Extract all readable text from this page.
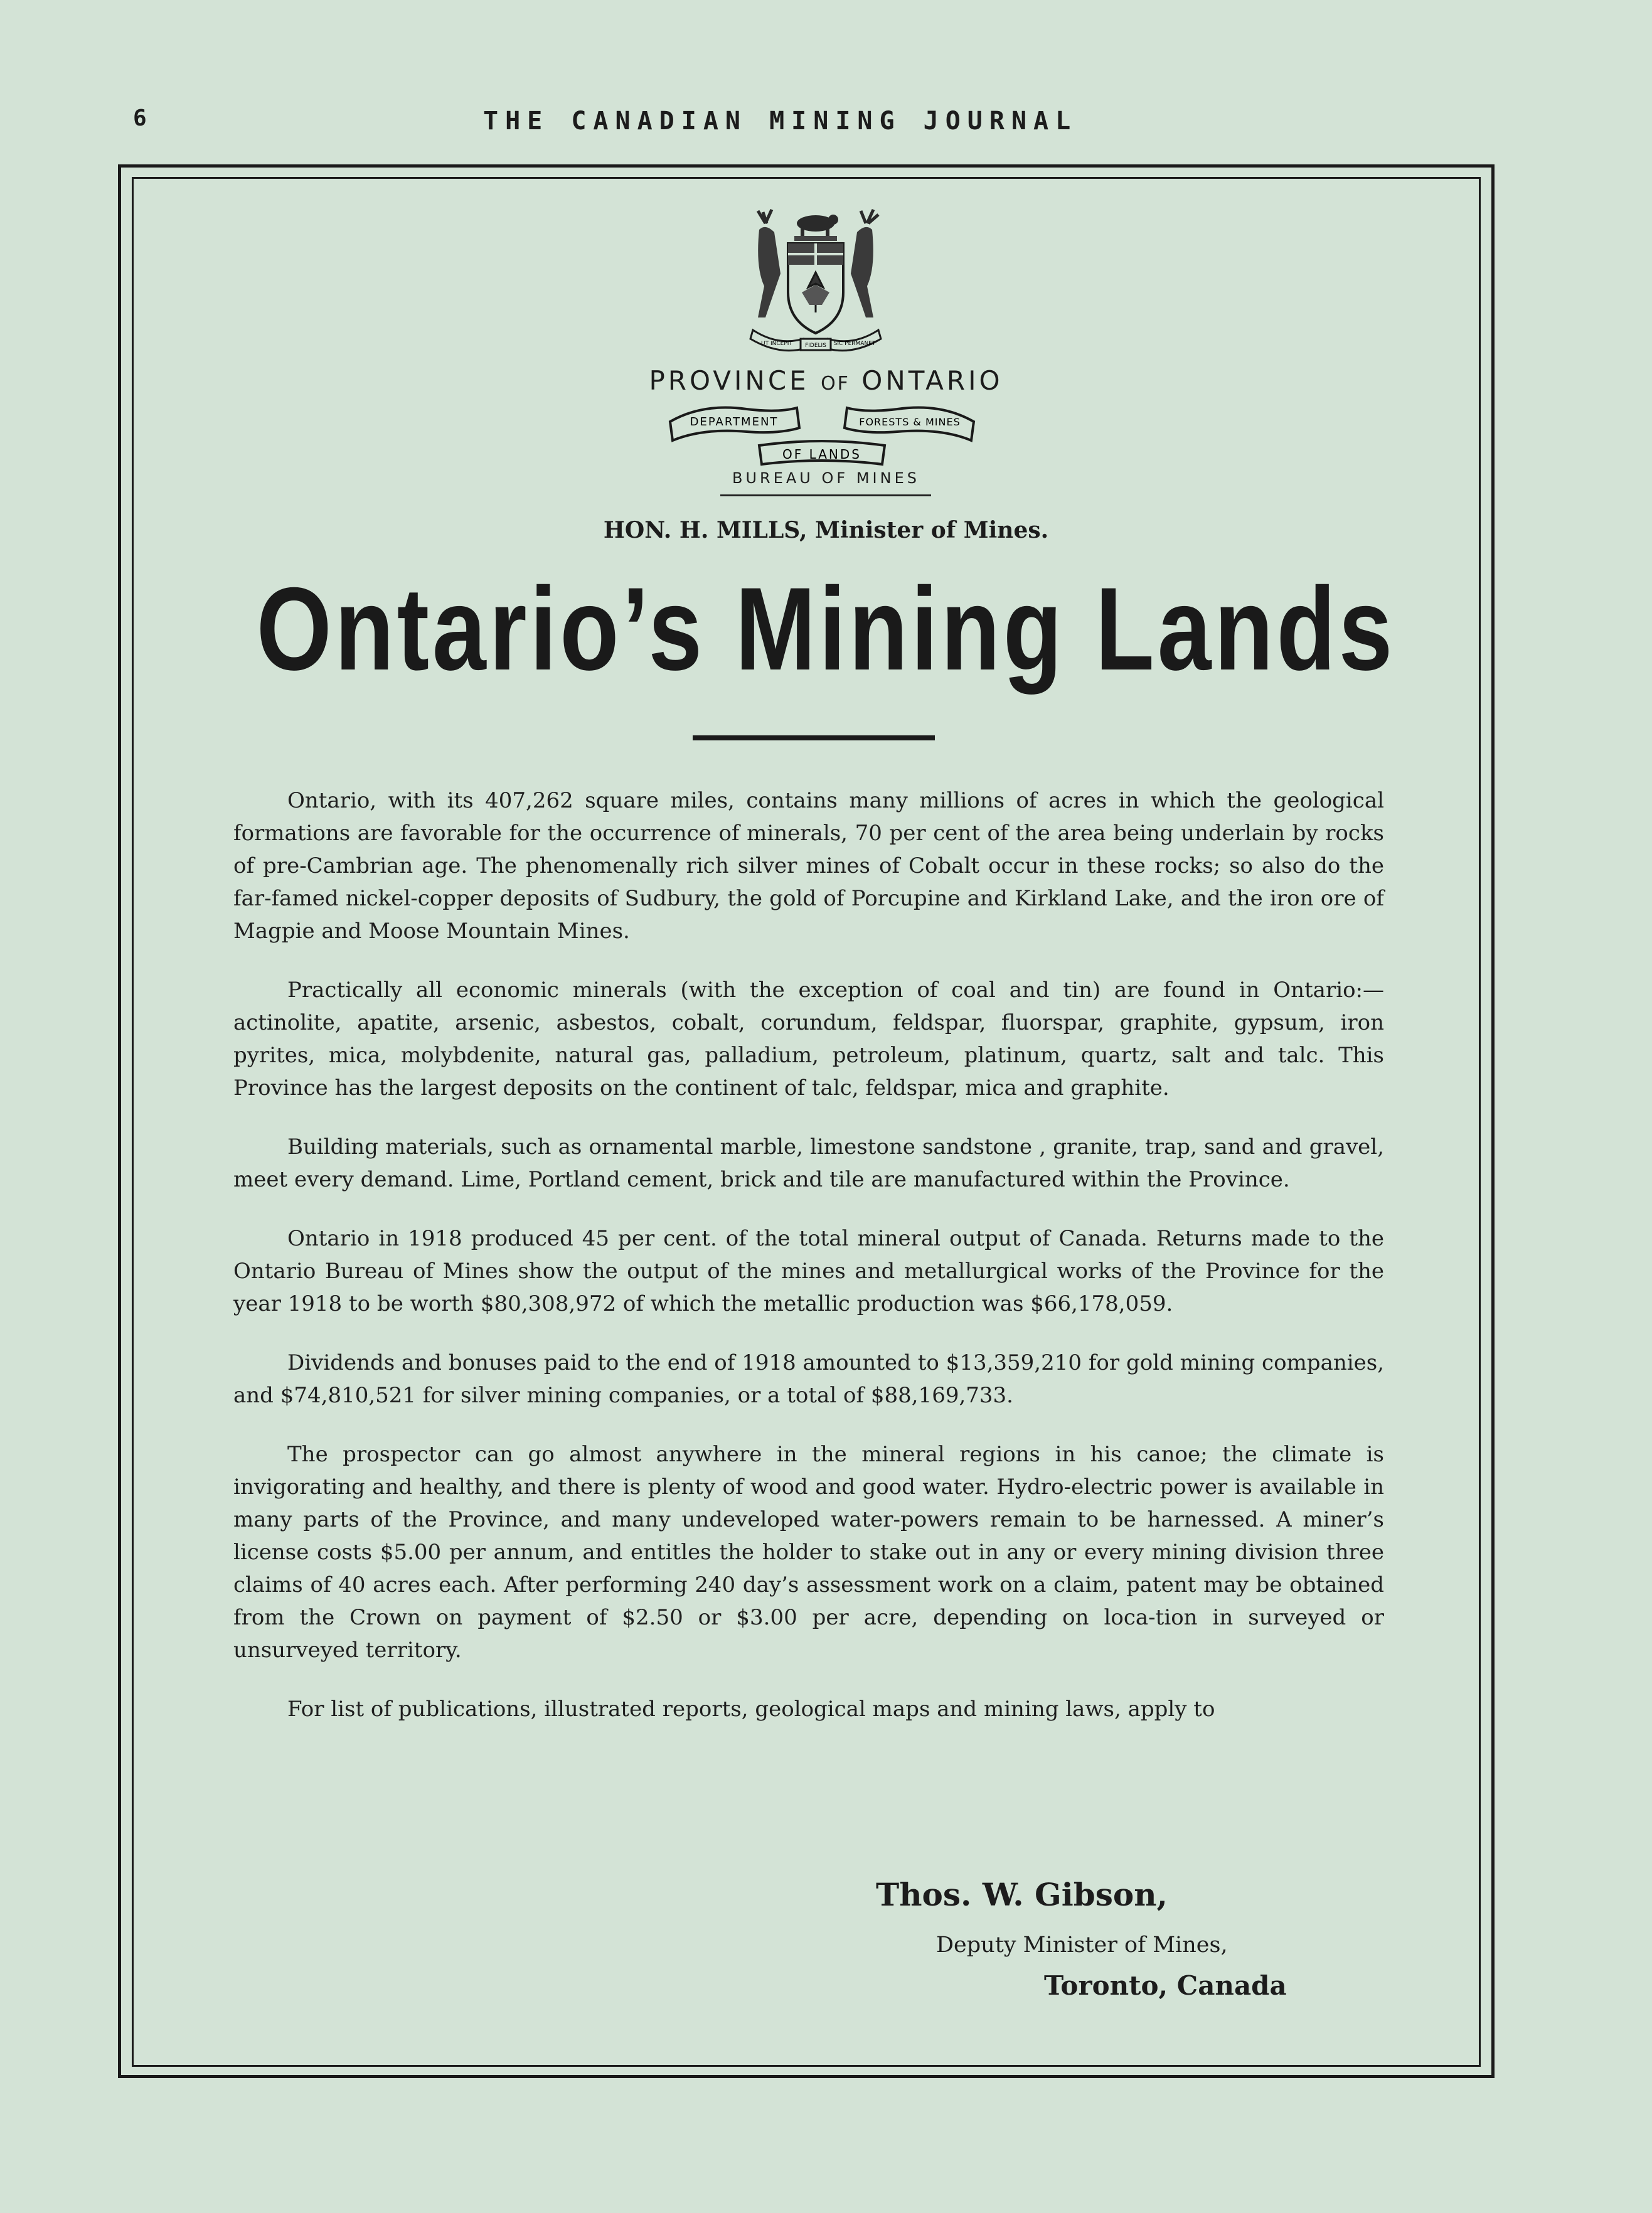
6	THE CANADIAN MINING JOURNAL
UT INCEPIT FIDELIS SIC PERMANET
PROVINCE OF ONTARIO
DEPARTMENT	FORESTS & MINES
OF LANDS
BUREAU OF MINES
HON. H. MILLS, Minister of Mines.
Ontario’s Mining Lands

Ontario, with its 407,262 square miles, contains many millions of acres in which the geological formations are favorable for the occurrence of minerals, 70 per cent of the area being underlain by rocks of pre-Cambrian age. The phenomenally rich silver mines of Cobalt occur in these rocks; so also do the far-famed nickel-copper deposits of Sudbury, the gold of Porcupine and Kirkland Lake, and the iron ore of Magpie and Moose Mountain Mines.

Practically all economic minerals (with the exception of coal and tin) are found in Ontario:—actinolite, apatite, arsenic, asbestos, cobalt, corundum, feldspar, fluorspar, graphite, gypsum, iron pyrites, mica, molybdenite, natural gas, palladium, petroleum, platinum, quartz, salt and talc. This Province has the largest deposits on the continent of talc, feldspar, mica and graphite.

Building materials, such as ornamental marble, limestone sandstone , granite, trap, sand and gravel, meet every demand. Lime, Portland cement, brick and tile are manufactured within the Province.

Ontario in 1918 produced 45 per cent. of the total mineral output of Canada. Returns made to the Ontario Bureau of Mines show the output of the mines and metallurgical works of the Province for the year 1918 to be worth $80,308,972 of which the metallic production was $66,178,059.

Dividends and bonuses paid to the end of 1918 amounted to $13,359,210 for gold mining companies, and $74,810,521 for silver mining companies, or a total of $88,169,733.

The prospector can go almost anywhere in the mineral regions in his canoe; the climate is invigorating and healthy, and there is plenty of wood and good water. Hydro-electric power is available in many parts of the Province, and many undeveloped water-powers remain to be harnessed. A miner’s license costs $5.00 per annum, and entitles the holder to stake out in any or every mining division three claims of 40 acres each. After performing 240 day’s assessment work on a claim, patent may be obtained from the Crown on payment of $2.50 or $3.00 per acre, depending on loca-tion in surveyed or unsurveyed territory.

For list of publications, illustrated reports, geological maps and mining laws, apply to

Thos. W. Gibson,
Deputy Minister of Mines,
Toronto, Canada
